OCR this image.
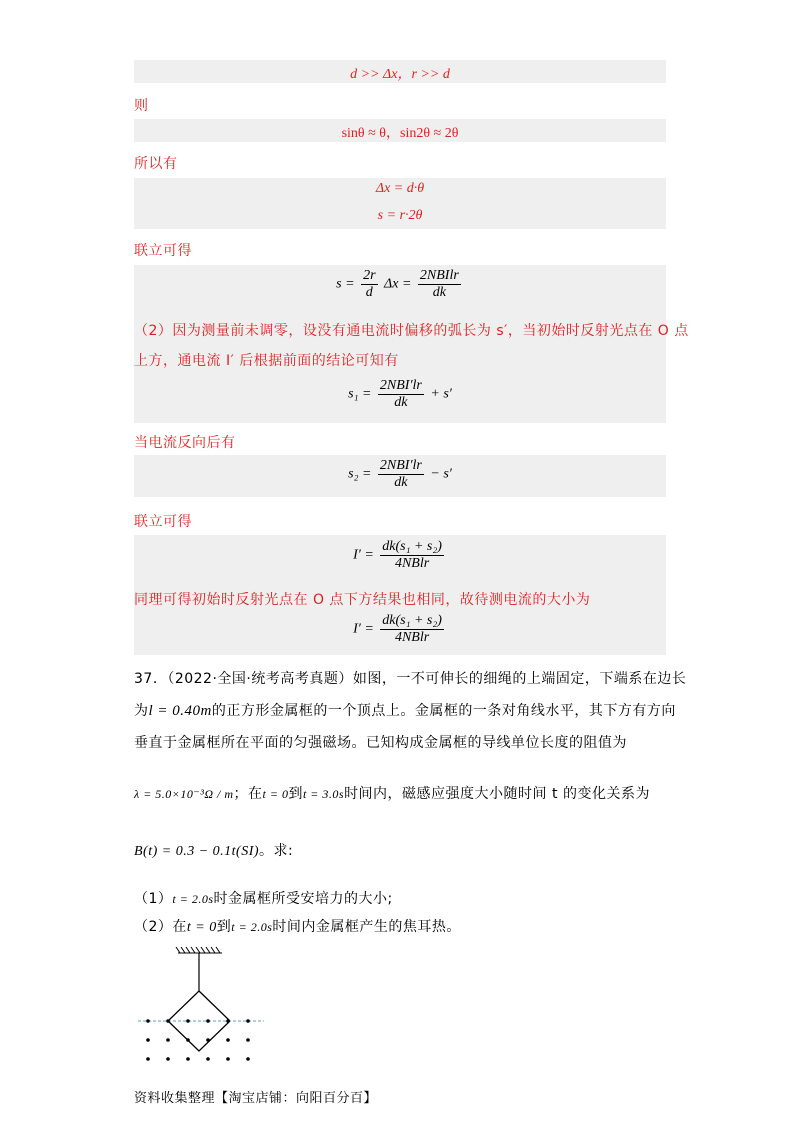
d >> Δx，r >> d
则
sinθ ≈ θ，sin2θ ≈ 2θ
所以有
Δx = d·θ
s = r·2θ
联立可得
$s = \frac{2r}{d}$ $\Delta x = \frac{\text{2NBIlr}}{dk}$
（2）因为测量前未调零，设没有通电流时偏移的弧长为 s′，当初始时反射光点在 O 点
上方，通电流 I′ 后根据前面的结论可知有
$s_1 = \frac{\text{2NBI′lr}}{dk} + s'$
当电流反向后有
$s_2 = \frac{\text{2NBI′lr}}{dk} - s'$
联立可得
$I' = \frac{\text{dk(s₁ + s₂)}}{\text{4NBlr}}$
同理可得初始时反射光点在 O 点下方结果也相同，故待测电流的大小为
$I' = \frac{\text{dk(s₁ + s₂)}}{\text{4NBlr}}$
37．（2022·全国·统考高考真题）如图，一不可伸长的细绳的上端固定，下端系在边长
为l = 0.40m的正方形金属框的一个顶点上。金属框的一条对角线水平，其下方有方向
垂直于金属框所在平面的匀强磁场。已知构成金属框的导线单位长度的阻值为
λ = 5.0×10⁻³Ω / m；在t = 0到t = 3.0s时间内，磁感应强度大小随时间 t 的变化关系为
B(t) = 0.3 − 0.1t(SI)。求:
（1）t = 2.0s时金属框所受安培力的大小;
（2）在t = 0到t = 2.0s时间内金属框产生的焦耳热。
资料收集整理【淘宝店铺：向阳百分百】
